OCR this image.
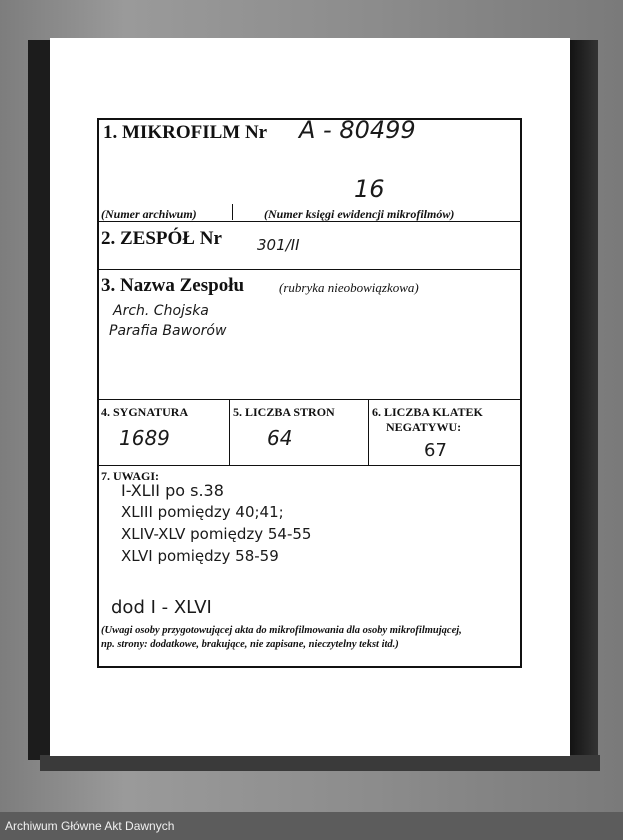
1. MIKROFILM Nr A - 80499
16
(Numer archiwum)	(Numer księgi ewidencji mikrofilmów)
2. ZESPÓŁ Nr 301/II
3. Nazwa Zespołu	(rubryka nieobowiązkowa)
Arch. Chojska
Parafia Baworów
4. SYGNATURA
1689
5. LICZBA STRON
64
6. LICZBA KLATEK
NEGATYWU:
67
7. UWAGI:
I-XLII po s.38
XLIII pomiędzy 40;41;
XLIV-XLV pomiędzy 54-55
XLVI pomiędzy 58-59
dod I - XLVI
(Uwagi osoby przygotowującej akta do mikrofilmowania dla osoby mikrofilmującej,
np. strony: dodatkowe, brakujące, nie zapisane, nieczytelny tekst itd.)
Archiwum Główne Akt Dawnych
